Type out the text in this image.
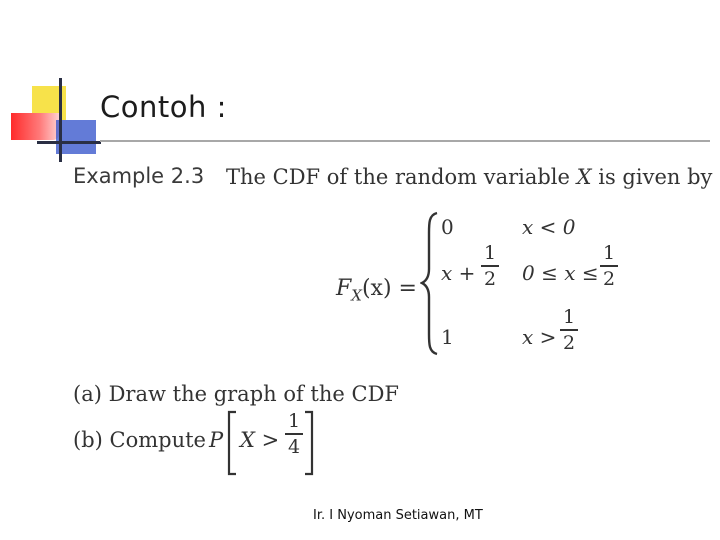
Contoh :
Example 2.3 The CDF of the random variable X is given by
$F_X(x)$ =
0	x < 0
x +
1
2 0 ≤ x ≤
1
2
1	x >
1
2
(a) Draw the graph of the CDF
(b) Compute P X >
1
4
Ir. I Nyoman Setiawan, MT
